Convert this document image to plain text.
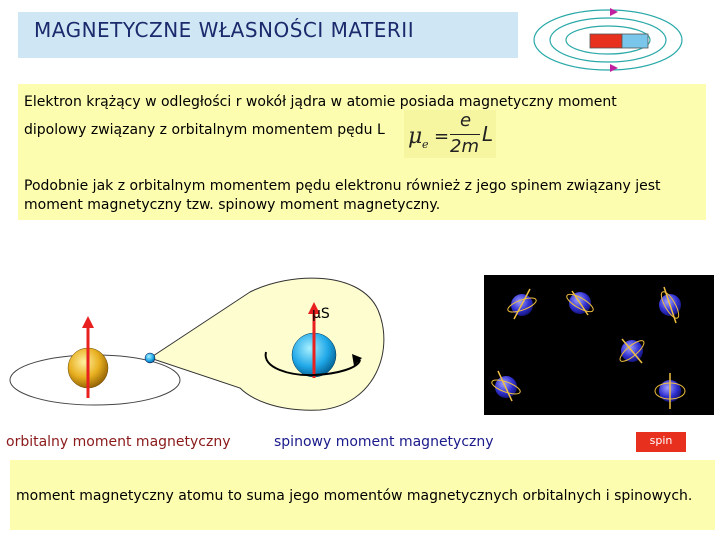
MAGNETYCZNE WŁASNOŚCI MATERII
Elektron krążący w odległości r wokół jądra w atomie posiada magnetyczny moment
dipolowy związany z orbitalnym momentem pędu L μ e =
e
2m
L
Podobnie jak z orbitalnym momentem pędu elektronu również z jego spinem związany jest
moment magnetyczny tzw. spinowy moment magnetyczny.
μS
orbitalny moment magnetyczny	spinowy moment magnetyczny	spin
moment magnetyczny atomu to suma jego momentów magnetycznych orbitalnych i spinowych.
